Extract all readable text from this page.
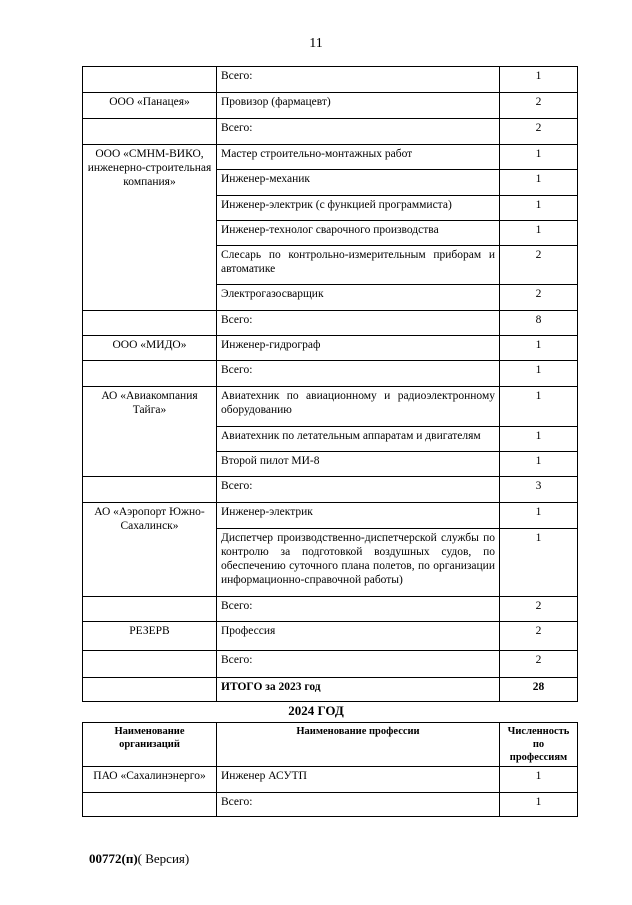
11
	Всего:	1
ООО «Панацея»	Провизор (фармацевт)	2
	Всего:	2
ООО «СМНМ-ВИКО, инженерно-строительная компания»	Мастер строительно-монтажных работ	1
	Инженер-механик	1
	Инженер-электрик (с функцией программиста)	1
	Инженер-технолог сварочного производства	1
	Слесарь по контрольно-измерительным приборам и автоматике	2
	Электрогазосварщик	2
	Всего:	8
ООО «МИДО»	Инженер-гидрограф	1
	Всего:	1
АО «Авиакомпания Тайга»	Авиатехник по авиационному и радиоэлектронному оборудованию	1
	Авиатехник по летательным аппаратам и двигателям	1
	Второй пилот МИ-8	1
	Всего:	3
АО «Аэропорт Южно-Сахалинск»	Инженер-электрик	1
	Диспетчер производственно-диспетчерской службы по контролю за подготовкой воздушных судов, по обеспечению суточного плана полетов, по организации информационно-справочной работы)	1
	Всего:	2
РЕЗЕРВ	Профессия	2
	Всего:	2
	ИТОГО за 2023 год	28
2024 ГОД
Наименование организаций	Наименование профессии	Численность по профессиям
ПАО «Сахалинэнерго»	Инженер АСУТП	1
	Всего:	1
00772(п)( Версия)
